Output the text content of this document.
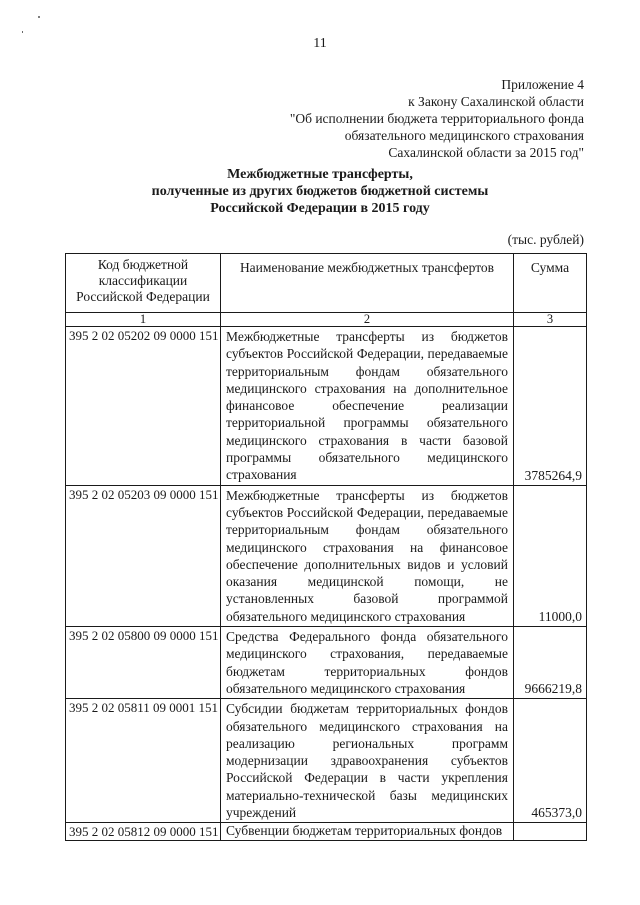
11
Приложение 4
к Закону Сахалинской области
"Об исполнении бюджета территориального фонда
обязательного медицинского страхования
Сахалинской области за 2015 год"
Межбюджетные трансферты,
полученные из других бюджетов бюджетной системы
Российской Федерации в 2015 году
(тыс. рублей)
Код бюджетной
классификации
Российской Федерации	Наименование межбюджетных трансфертов	Сумма
1	2	3
395 2 02 05202 09 0000 151	Межбюджетные трансферты из бюджетов субъектов Российской Федерации, передаваемые территориальным фондам обязательного медицинского страхования на дополнительное финансовое обеспечение реализации территориальной программы обязательного медицинского страхования в части базовой программы обязательного медицинского страхования	3785264,9
395 2 02 05203 09 0000 151	Межбюджетные трансферты из бюджетов субъектов Российской Федерации, передаваемые территориальным фондам обязательного медицинского страхования на финансовое обеспечение дополнительных видов и условий оказания медицинской помощи, не установленных базовой программой обязательного медицинского страхования	11000,0
395 2 02 05800 09 0000 151	Средства Федерального фонда обязательного медицинского страхования, передаваемые бюджетам территориальных фондов обязательного медицинского страхования	9666219,8
395 2 02 05811 09 0001 151	Субсидии бюджетам территориальных фондов обязательного медицинского страхования на реализацию региональных программ модернизации здравоохранения субъектов Российской Федерации в части укрепления материально-технической базы медицинских учреждений	465373,0
395 2 02 05812 09 0000 151	Субвенции бюджетам территориальных фондов	
